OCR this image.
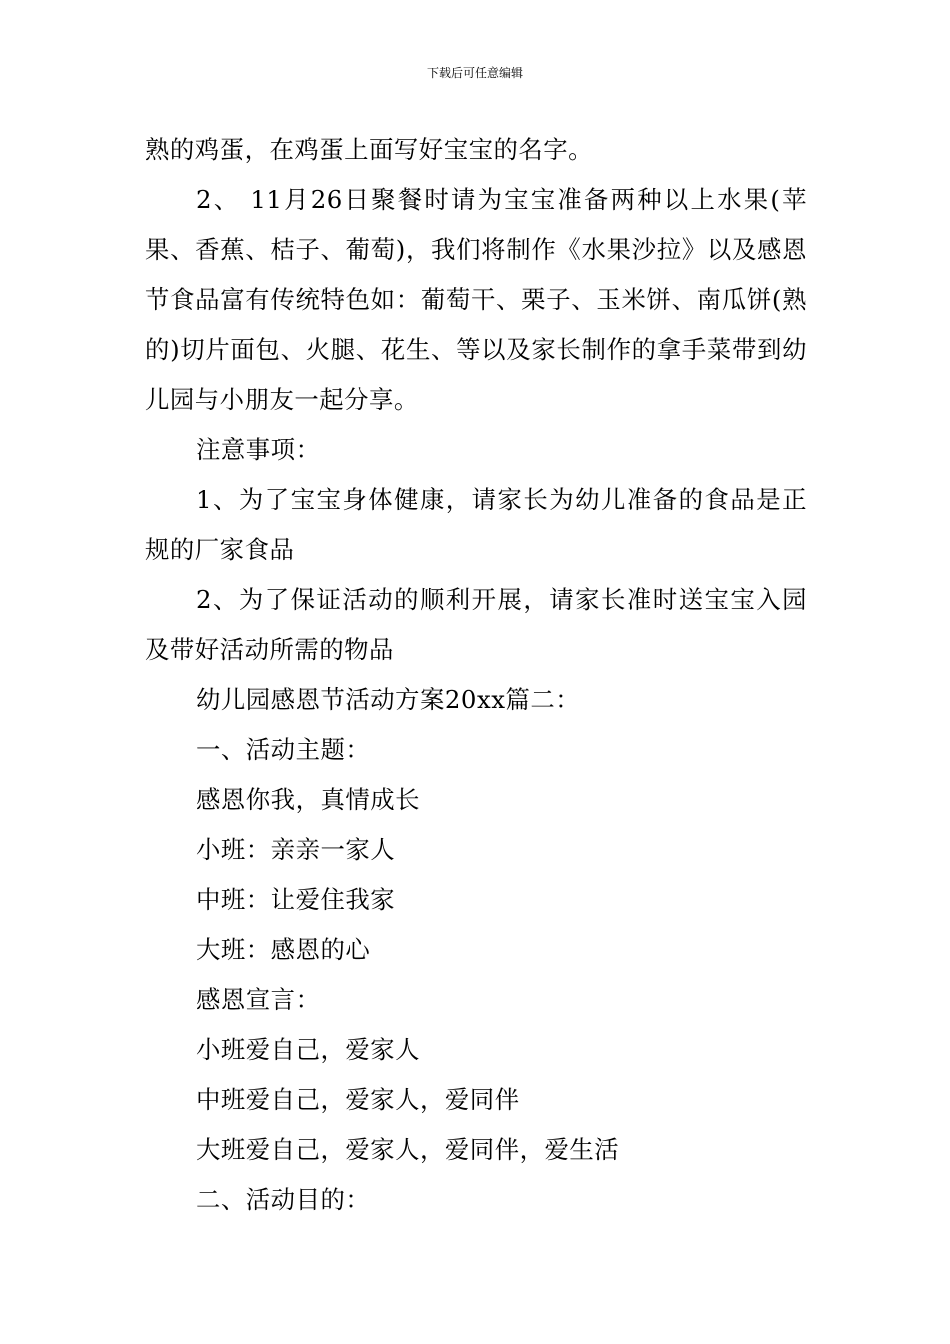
下载后可任意编辑

熟的鸡蛋，在鸡蛋上面写好宝宝的名字。

2、 11月26日聚餐时请为宝宝准备两种以上水果(苹果、香蕉、桔子、葡萄)，我们将制作《水果沙拉》以及感恩节食品富有传统特色如：葡萄干、栗子、玉米饼、南瓜饼(熟的)切片面包、火腿、花生、等以及家长制作的拿手菜带到幼儿园与小朋友一起分享。

注意事项：

1、为了宝宝身体健康，请家长为幼儿准备的食品是正规的厂家食品

2、为了保证活动的顺利开展，请家长准时送宝宝入园及带好活动所需的物品

幼儿园感恩节活动方案20xx篇二：

一、活动主题：

感恩你我，真情成长

小班：亲亲一家人

中班：让爱住我家

大班：感恩的心

感恩宣言：

小班爱自己，爱家人

中班爱自己，爱家人，爱同伴

大班爱自己，爱家人，爱同伴，爱生活

二、活动目的：
